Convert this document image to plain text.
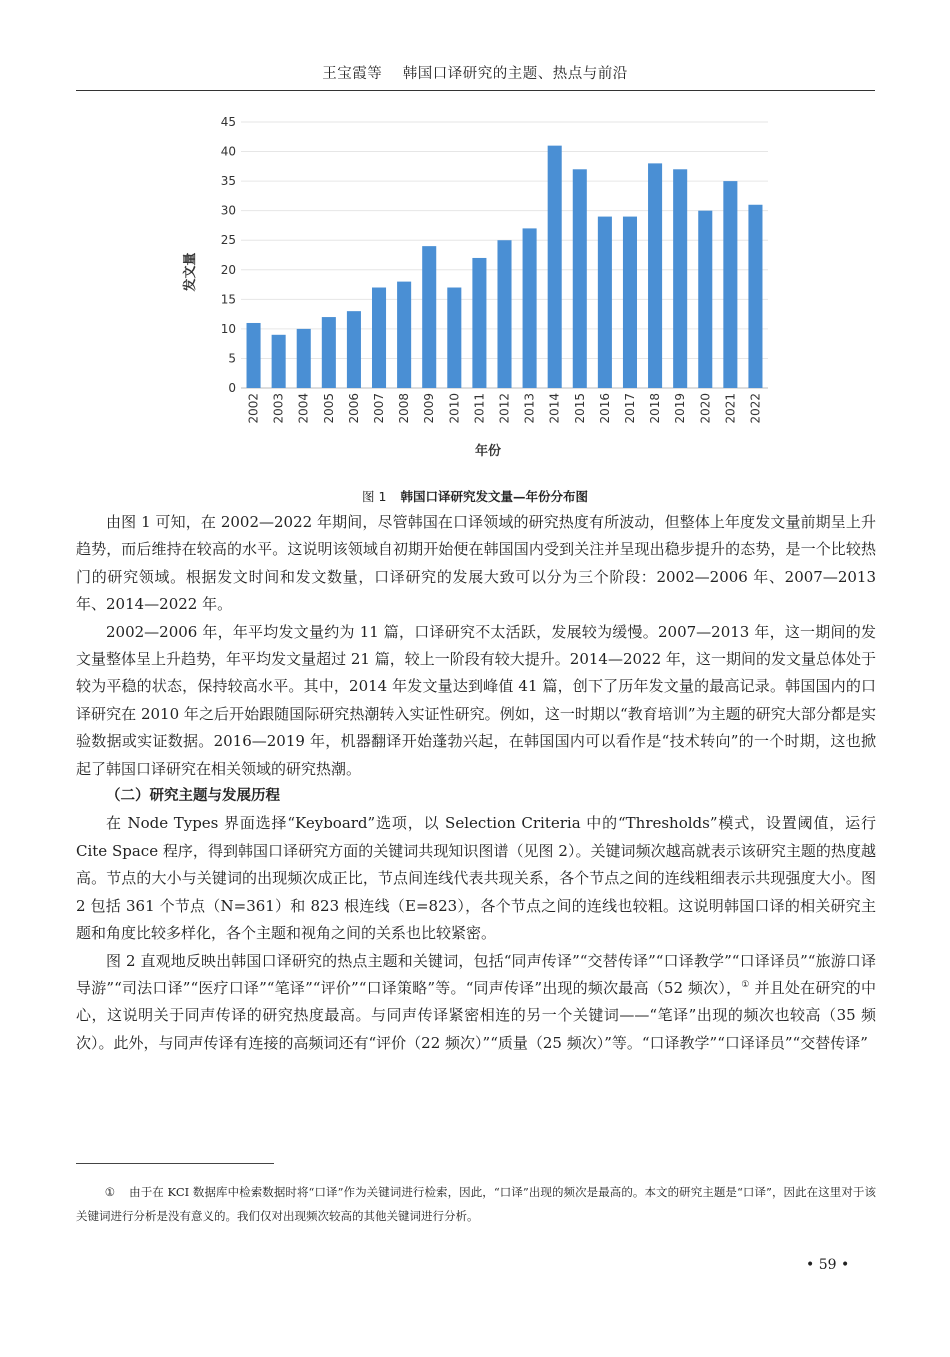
王宝霞等 韩国口译研究的主题、热点与前沿
0
5
10
15
20
25
30
35
40
45
2002 2003 2004 2005 2006 2007 2008 2009 2010 2011 2012 2013 2014 2015 2016 2017 2018 2019 2020 2021 2022
年份
发文量
图 1 韩国口译研究发文量—年份分布图

由图 1 可知，在 2002—2022 年期间，尽管韩国在口译领域的研究热度有所波动，但整体上年度发文量前期呈上升趋势，而后维持在较高的水平。这说明该领域自初期开始便在韩国国内受到关注并呈现出稳步提升的态势，是一个比较热门的研究领域。根据发文时间和发文数量，口译研究的发展大致可以分为三个阶段：2002—2006 年、2007—2013 年、2014—2022 年。

2002—2006 年，年平均发文量约为 11 篇，口译研究不太活跃，发展较为缓慢。2007—2013 年，这一期间的发文量整体呈上升趋势，年平均发文量超过 21 篇，较上一阶段有较大提升。2014—2022 年，这一期间的发文量总体处于较为平稳的状态，保持较高水平。其中，2014 年发文量达到峰值 41 篇，创下了历年发文量的最高记录。韩国国内的口译研究在 2010 年之后开始跟随国际研究热潮转入实证性研究。例如，这一时期以“教育培训”为主题的研究大部分都是实验数据或实证数据。2016—2019 年，机器翻译开始蓬勃兴起，在韩国国内可以看作是“技术转向”的一个时期，这也掀起了韩国口译研究在相关领域的研究热潮。

（二）研究主题与发展历程

在 Node Types 界面选择“Keyboard”选项，以 Selection Criteria 中的“Thresholds”模式，设置阈值，运行 Cite Space 程序，得到韩国口译研究方面的关键词共现知识图谱（见图 2）。关键词频次越高就表示该研究主题的热度越高。节点的大小与关键词的出现频次成正比，节点间连线代表共现关系，各个节点之间的连线粗细表示共现强度大小。图 2 包括 361 个节点（N=361）和 823 根连线（E=823），各个节点之间的连线也较粗。这说明韩国口译的相关研究主题和角度比较多样化，各个主题和视角之间的关系也比较紧密。

图 2 直观地反映出韩国口译研究的热点主题和关键词，包括“同声传译”“交替传译”“口译教学”“口译译员”“旅游口译导游”“司法口译”“医疗口译”“笔译”“评价”“口译策略”等。“同声传译”出现的频次最高（52 频次），① 并且处在研究的中心，这说明关于同声传译的研究热度最高。与同声传译紧密相连的另一个关键词——“笔译”出现的频次也较高（35 频次）。此外，与同声传译有连接的高频词还有“评价（22 频次）”“质量（25 频次）”等。“口译教学”“口译译员”“交替传译”

① 由于在 KCI 数据库中检索数据时将“口译”作为关键词进行检索，因此，“口译”出现的频次是最高的。本文的研究主题是“口译”，因此在这里对于该关键词进行分析是没有意义的。我们仅对出现频次较高的其他关键词进行分析。
• 59 •
